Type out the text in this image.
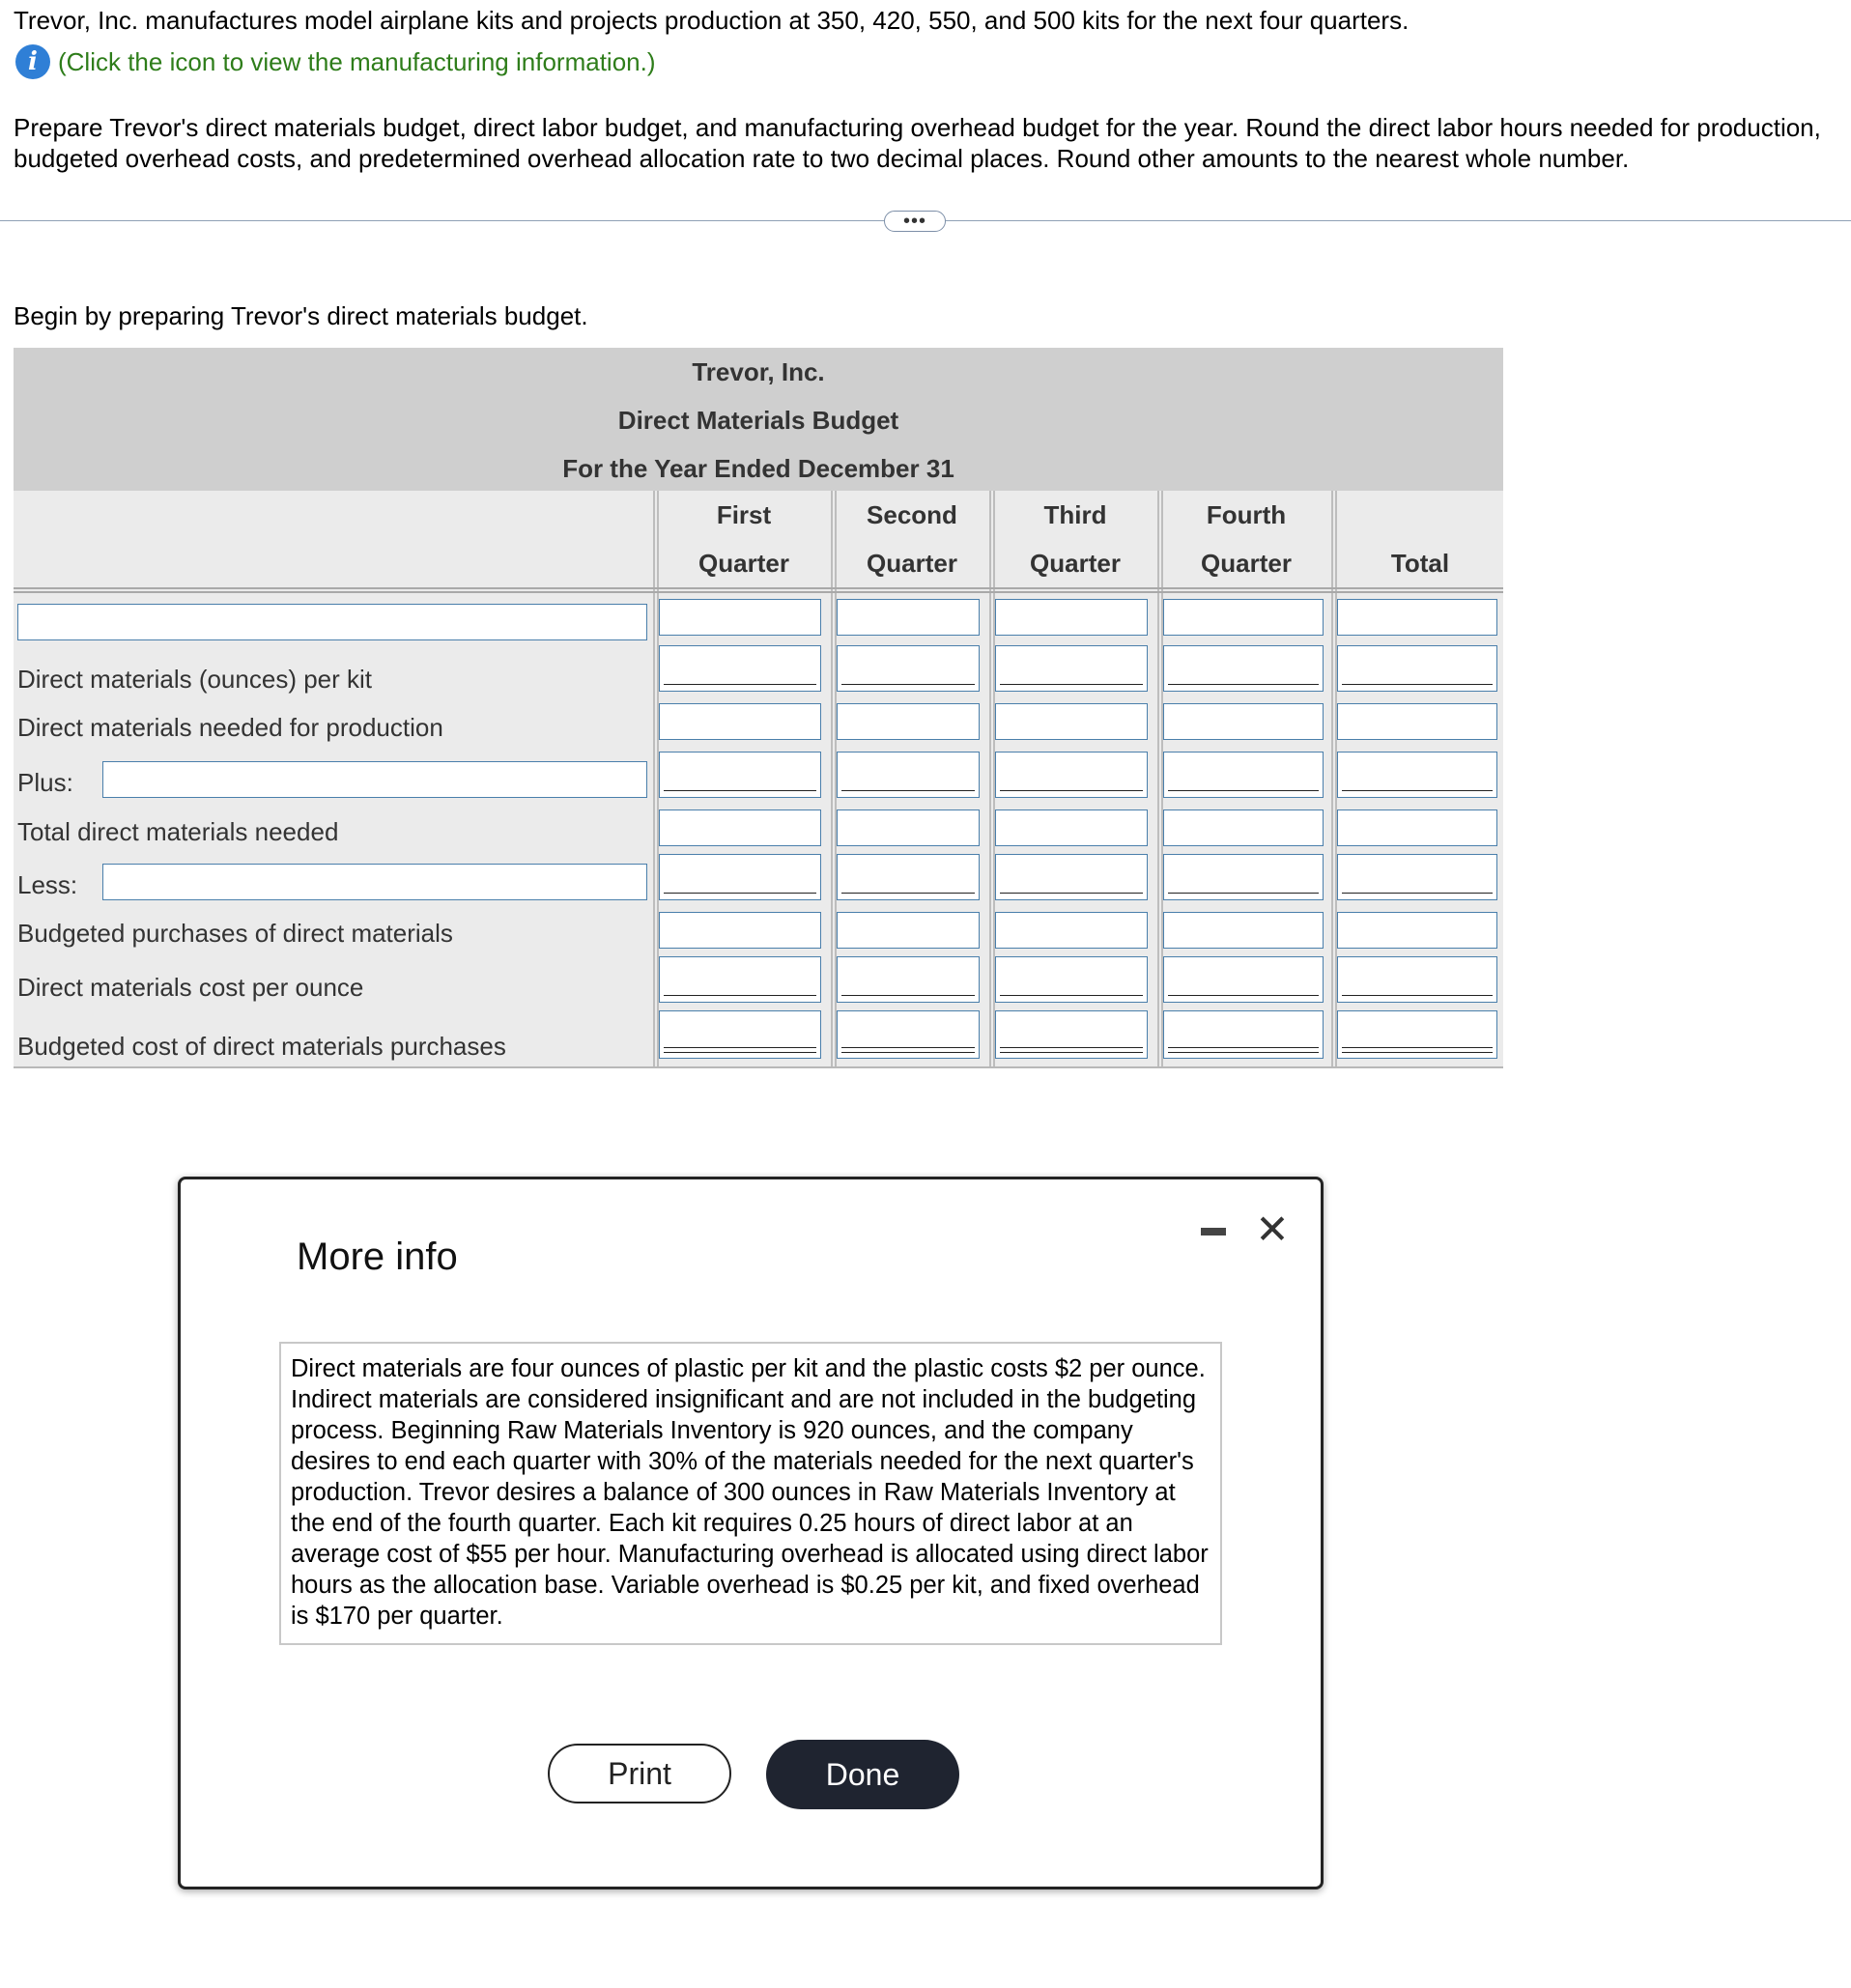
Trevor, Inc. manufactures model airplane kits and projects production at 350, 420, 550, and 500 kits for the next four quarters.
i (Click the icon to view the manufacturing information.)
Prepare Trevor's direct materials budget, direct labor budget, and manufacturing overhead budget for the year. Round the direct labor hours needed for production, budgeted overhead costs, and predetermined overhead allocation rate to two decimal places. Round other amounts to the nearest whole number.
•••
Begin by preparing Trevor's direct materials budget.
Trevor, Inc.
Direct Materials Budget
For the Year Ended December 31
First
Quarter
Second
Quarter
Third
Quarter
Fourth
Quarter
	Total
Direct materials (ounces) per kit
Direct materials needed for production
Plus:
Total direct materials needed
Less:
Budgeted purchases of direct materials
Direct materials cost per ounce
Budgeted cost of direct materials purchases
More info
✕
Direct materials are four ounces of plastic per kit and the plastic costs $2 per ounce. Indirect materials are considered insignificant and are not included in the budgeting process. Beginning Raw Materials Inventory is 920 ounces, and the company desires to end each quarter with 30% of the materials needed for the next quarter's production. Trevor desires a balance of 300 ounces in Raw Materials Inventory at the end of the fourth quarter. Each kit requires 0.25 hours of direct labor at an average cost of $55 per hour. Manufacturing overhead is allocated using direct labor hours as the allocation base. Variable overhead is $0.25 per kit, and fixed overhead is $170 per quarter.
Print	Done
